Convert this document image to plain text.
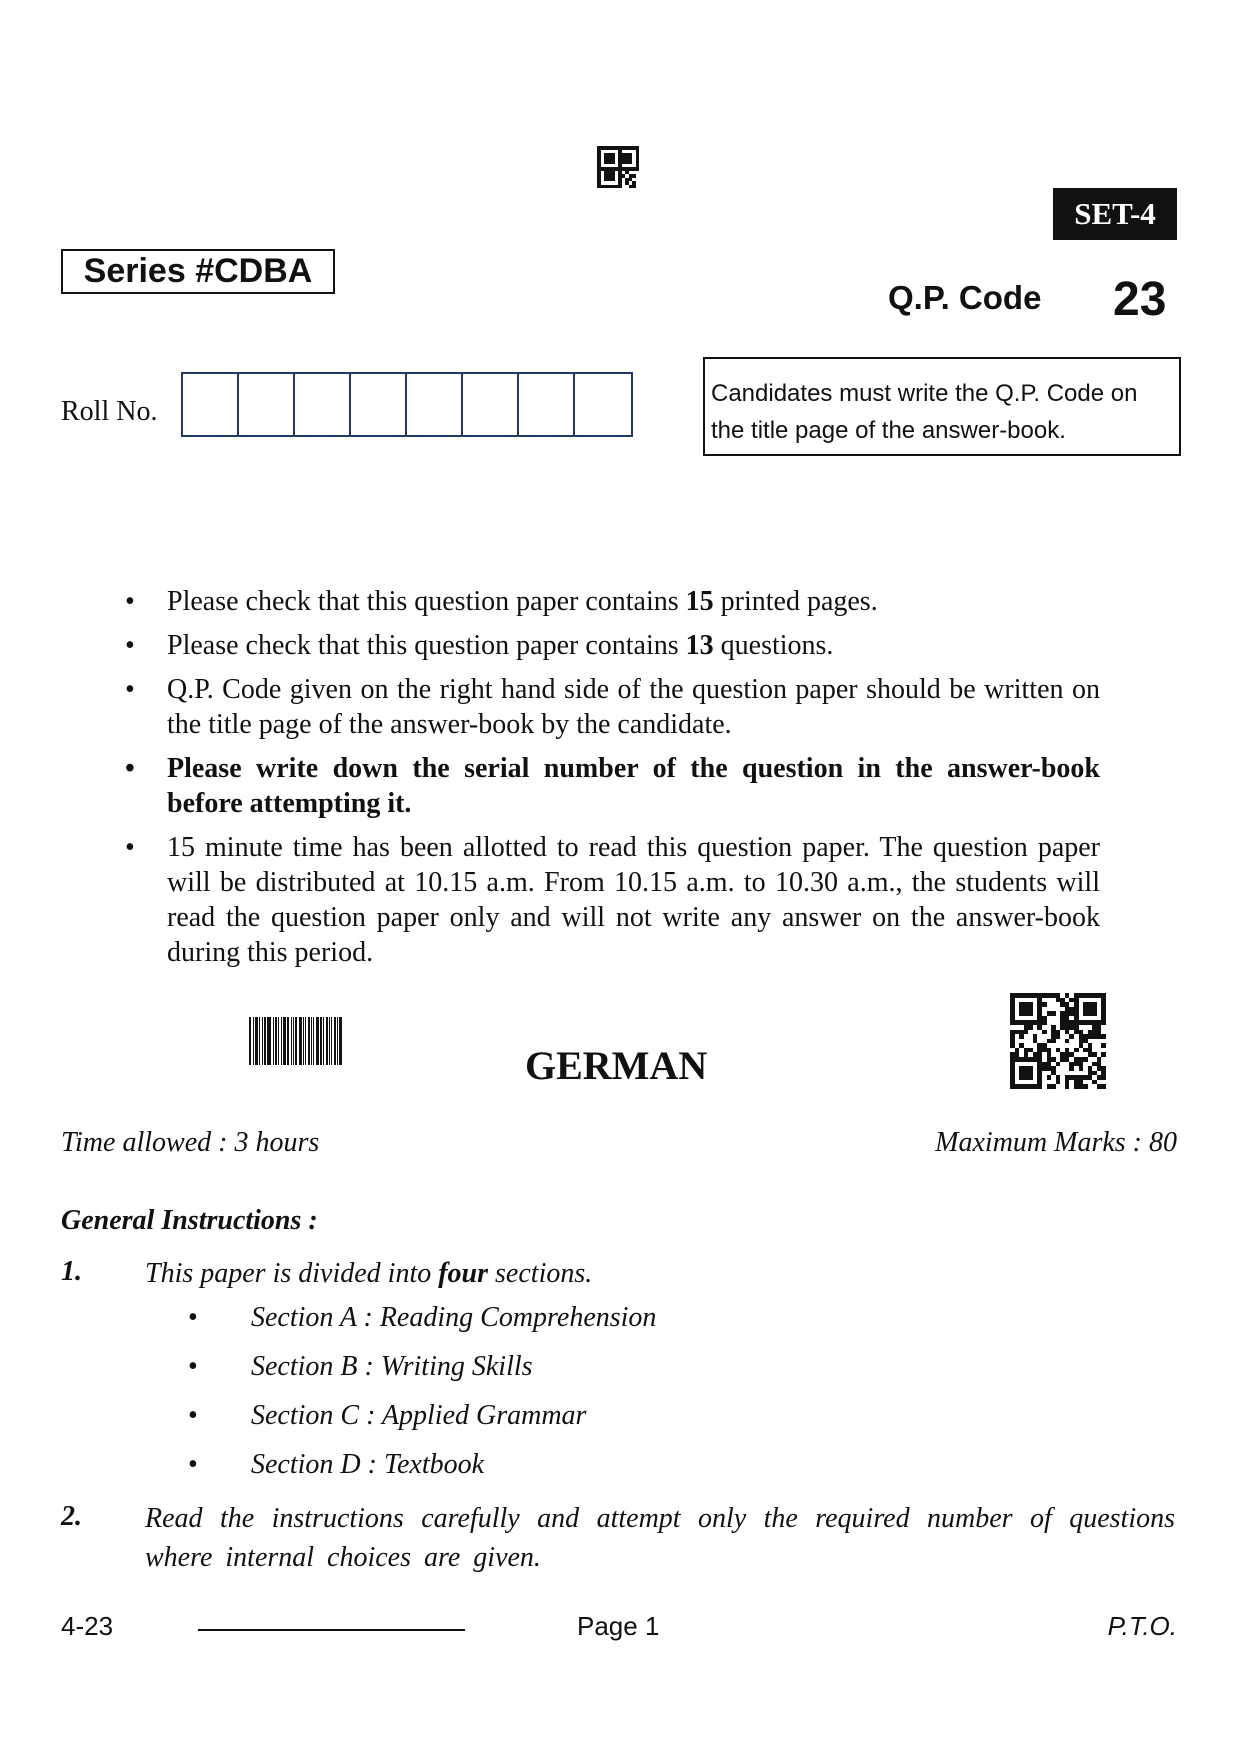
SET-4
Series #CDBA
Q.P. Code 23
Roll No.
Candidates must write the Q.P. Code on the title page of the answer-book.
• Please check that this question paper contains 15 printed pages.
• Please check that this question paper contains 13 questions.
• Q.P. Code given on the right hand side of the question paper should be written on the title page of the answer-book by the candidate.
• Please write down the serial number of the question in the answer-book before attempting it.
• 15 minute time has been allotted to read this question paper. The question paper will be distributed at 10.15 a.m. From 10.15 a.m. to 10.30 a.m., the students will read the question paper only and will not write any answer on the answer-book during this period.
GERMAN
Time allowed : 3 hours	Maximum Marks : 80
General Instructions :
1. This paper is divided into four sections.
• Section A : Reading Comprehension
• Section B : Writing Skills
• Section C : Applied Grammar
• Section D : Textbook
2. Read the instructions carefully and attempt only the required number of questions where internal choices are given.
4-23	Page 1	P.T.O.
